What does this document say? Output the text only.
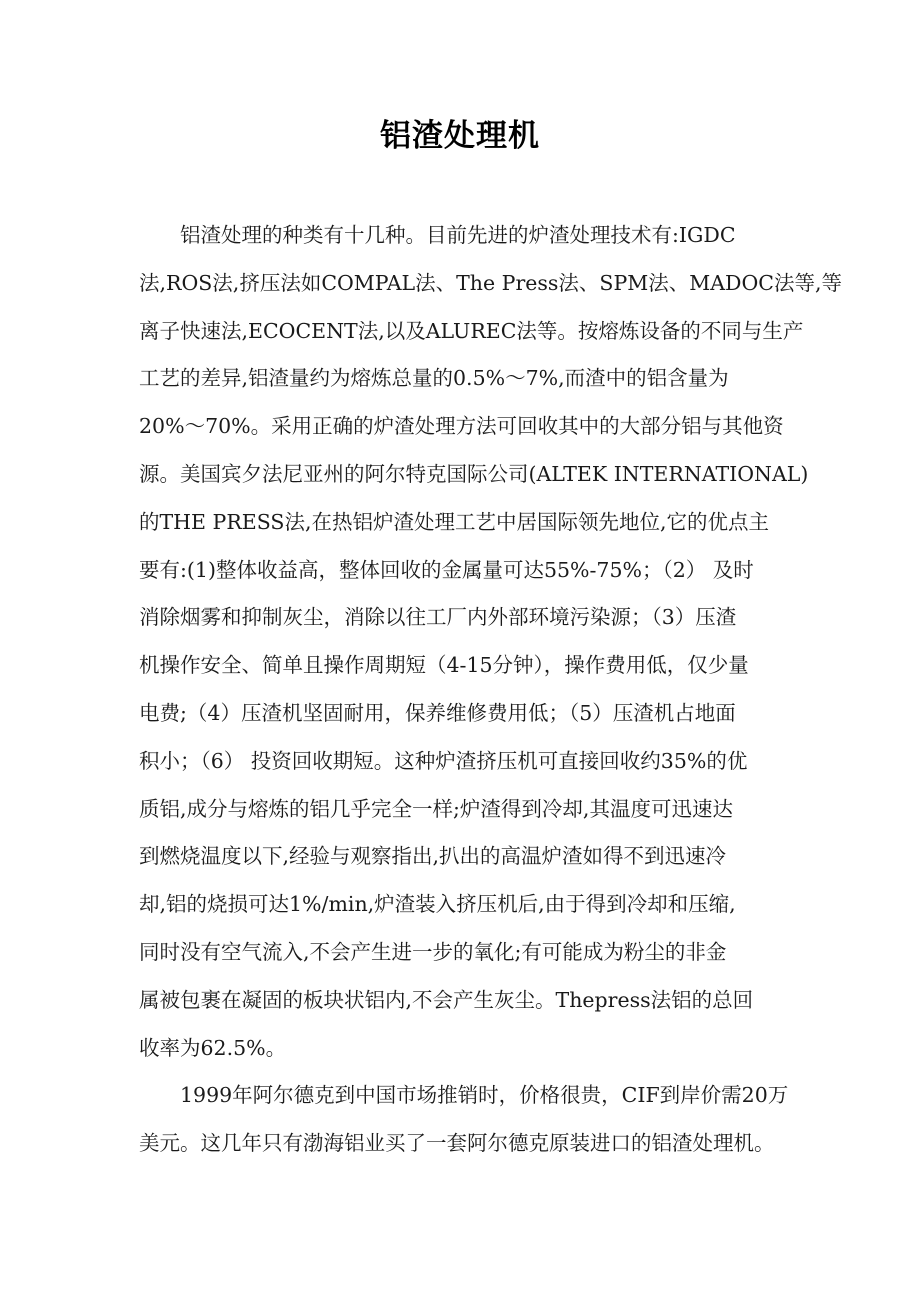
铝渣处理机
铝渣处理的种类有十几种。目前先进的炉渣处理技术有:IGDC
法,ROS法,挤压法如COMPAL法、The Press法、SPM法、MADOC法等,等
离子快速法,ECOCENT法,以及ALUREC法等。按熔炼设备的不同与生产
工艺的差异,铝渣量约为熔炼总量的0.5%～7%,而渣中的铝含量为
20%～70%。采用正确的炉渣处理方法可回收其中的大部分铝与其他资
源。美国宾夕法尼亚州的阿尔特克国际公司(ALTEK INTERNATIONAL)
的THE PRESS法,在热铝炉渣处理工艺中居国际领先地位,它的优点主
要有:(1)整体收益高，整体回收的金属量可达55%-75%；（2） 及时
消除烟雾和抑制灰尘，消除以往工厂内外部环境污染源；（3）压渣
机操作安全、简单且操作周期短（4-15分钟），操作费用低，仅少量
电费;（4）压渣机坚固耐用，保养维修费用低；（5）压渣机占地面
积小；（6） 投资回收期短。这种炉渣挤压机可直接回收约35%的优
质铝,成分与熔炼的铝几乎完全一样;炉渣得到冷却,其温度可迅速达
到燃烧温度以下,经验与观察指出,扒出的高温炉渣如得不到迅速冷
却,铝的烧损可达1%/min,炉渣装入挤压机后,由于得到冷却和压缩,
同时没有空气流入,不会产生进一步的氧化;有可能成为粉尘的非金
属被包裹在凝固的板块状铝内,不会产生灰尘。Thepress法铝的总回
收率为62.5%。
1999年阿尔德克到中国市场推销时，价格很贵，CIF到岸价需20万
美元。这几年只有渤海铝业买了一套阿尔德克原装进口的铝渣处理机。
